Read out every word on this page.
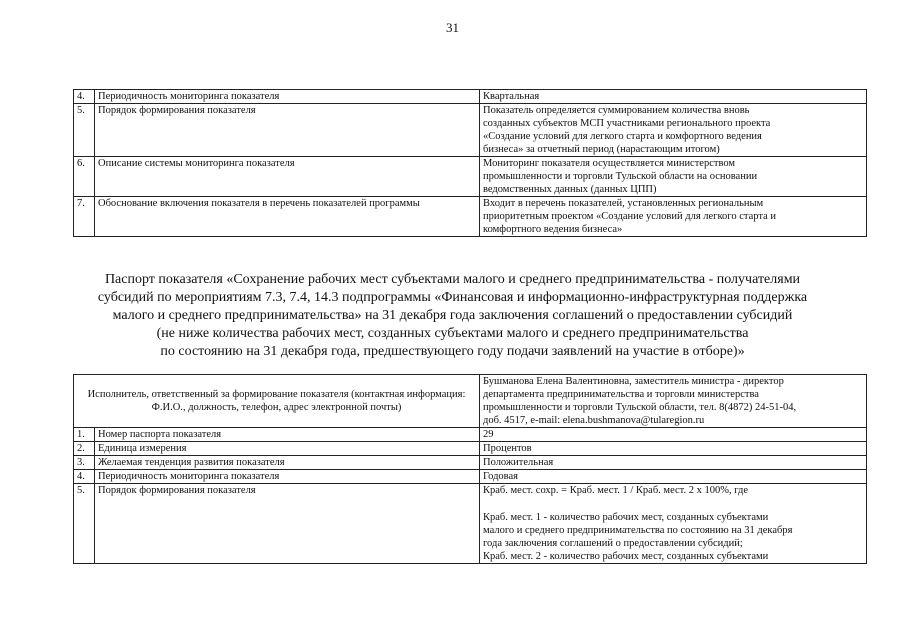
31
4.	Периодичность мониторинга показателя	Квартальная

5.	Порядок формирования показателя	Показатель определяется суммированием количества вновь
созданных субъектов МСП участниками регионального проекта
«Создание условий для легкого старта и комфортного ведения
бизнеса» за отчетный период (нарастающим итогом)

6.	Описание системы мониторинга показателя	Мониторинг показателя осуществляется министерством
промышленности и торговли Тульской области на основании
ведомственных данных (данных ЦПП)

7.	Обоснование включения показателя в перечень показателей программы	Входит в перечень показателей, установленных региональным
приоритетным проектом «Создание условий для легкого старта и
комфортного ведения бизнеса»
Паспорт показателя «Сохранение рабочих мест субъектами малого и среднего предпринимательства - получателями
субсидий по мероприятиям 7.3, 7.4, 14.3 подпрограммы «Финансовая и информационно-инфраструктурная поддержка
малого и среднего предпринимательства» на 31 декабря года заключения соглашений о предоставлении субсидий
(не ниже количества рабочих мест, созданных субъектами малого и среднего предпринимательства
по состоянию на 31 декабря года, предшествующего году подачи заявлений на участие в отборе)»
Исполнитель, ответственный за формирование показателя (контактная информация: Ф.И.О., должность, телефон, адрес электронной почты)		Бушманова Елена Валентиновна, заместитель министра - директор
департамента предпринимательства и торговли министерства
промышленности и торговли Тульской области, тел. 8(4872) 24-51-04,
доб. 4517, e-mail: elena.bushmanova@tularegion.ru

1.	Номер паспорта показателя	29
2.	Единица измерения	Процентов
3.	Желаемая тенденция развития показателя	Положительная
4.	Периодичность мониторинга показателя	Годовая
5.	Порядок формирования показателя	Краб. мест. сохр. = Краб. мест. 1 / Краб. мест. 2 x 100%, где
Краб. мест. 1 - количество рабочих мест, созданных субъектами
малого и среднего предпринимательства по состоянию на 31 декабря
года заключения соглашений о предоставлении субсидий;
Краб. мест. 2 - количество рабочих мест, созданных субъектами
